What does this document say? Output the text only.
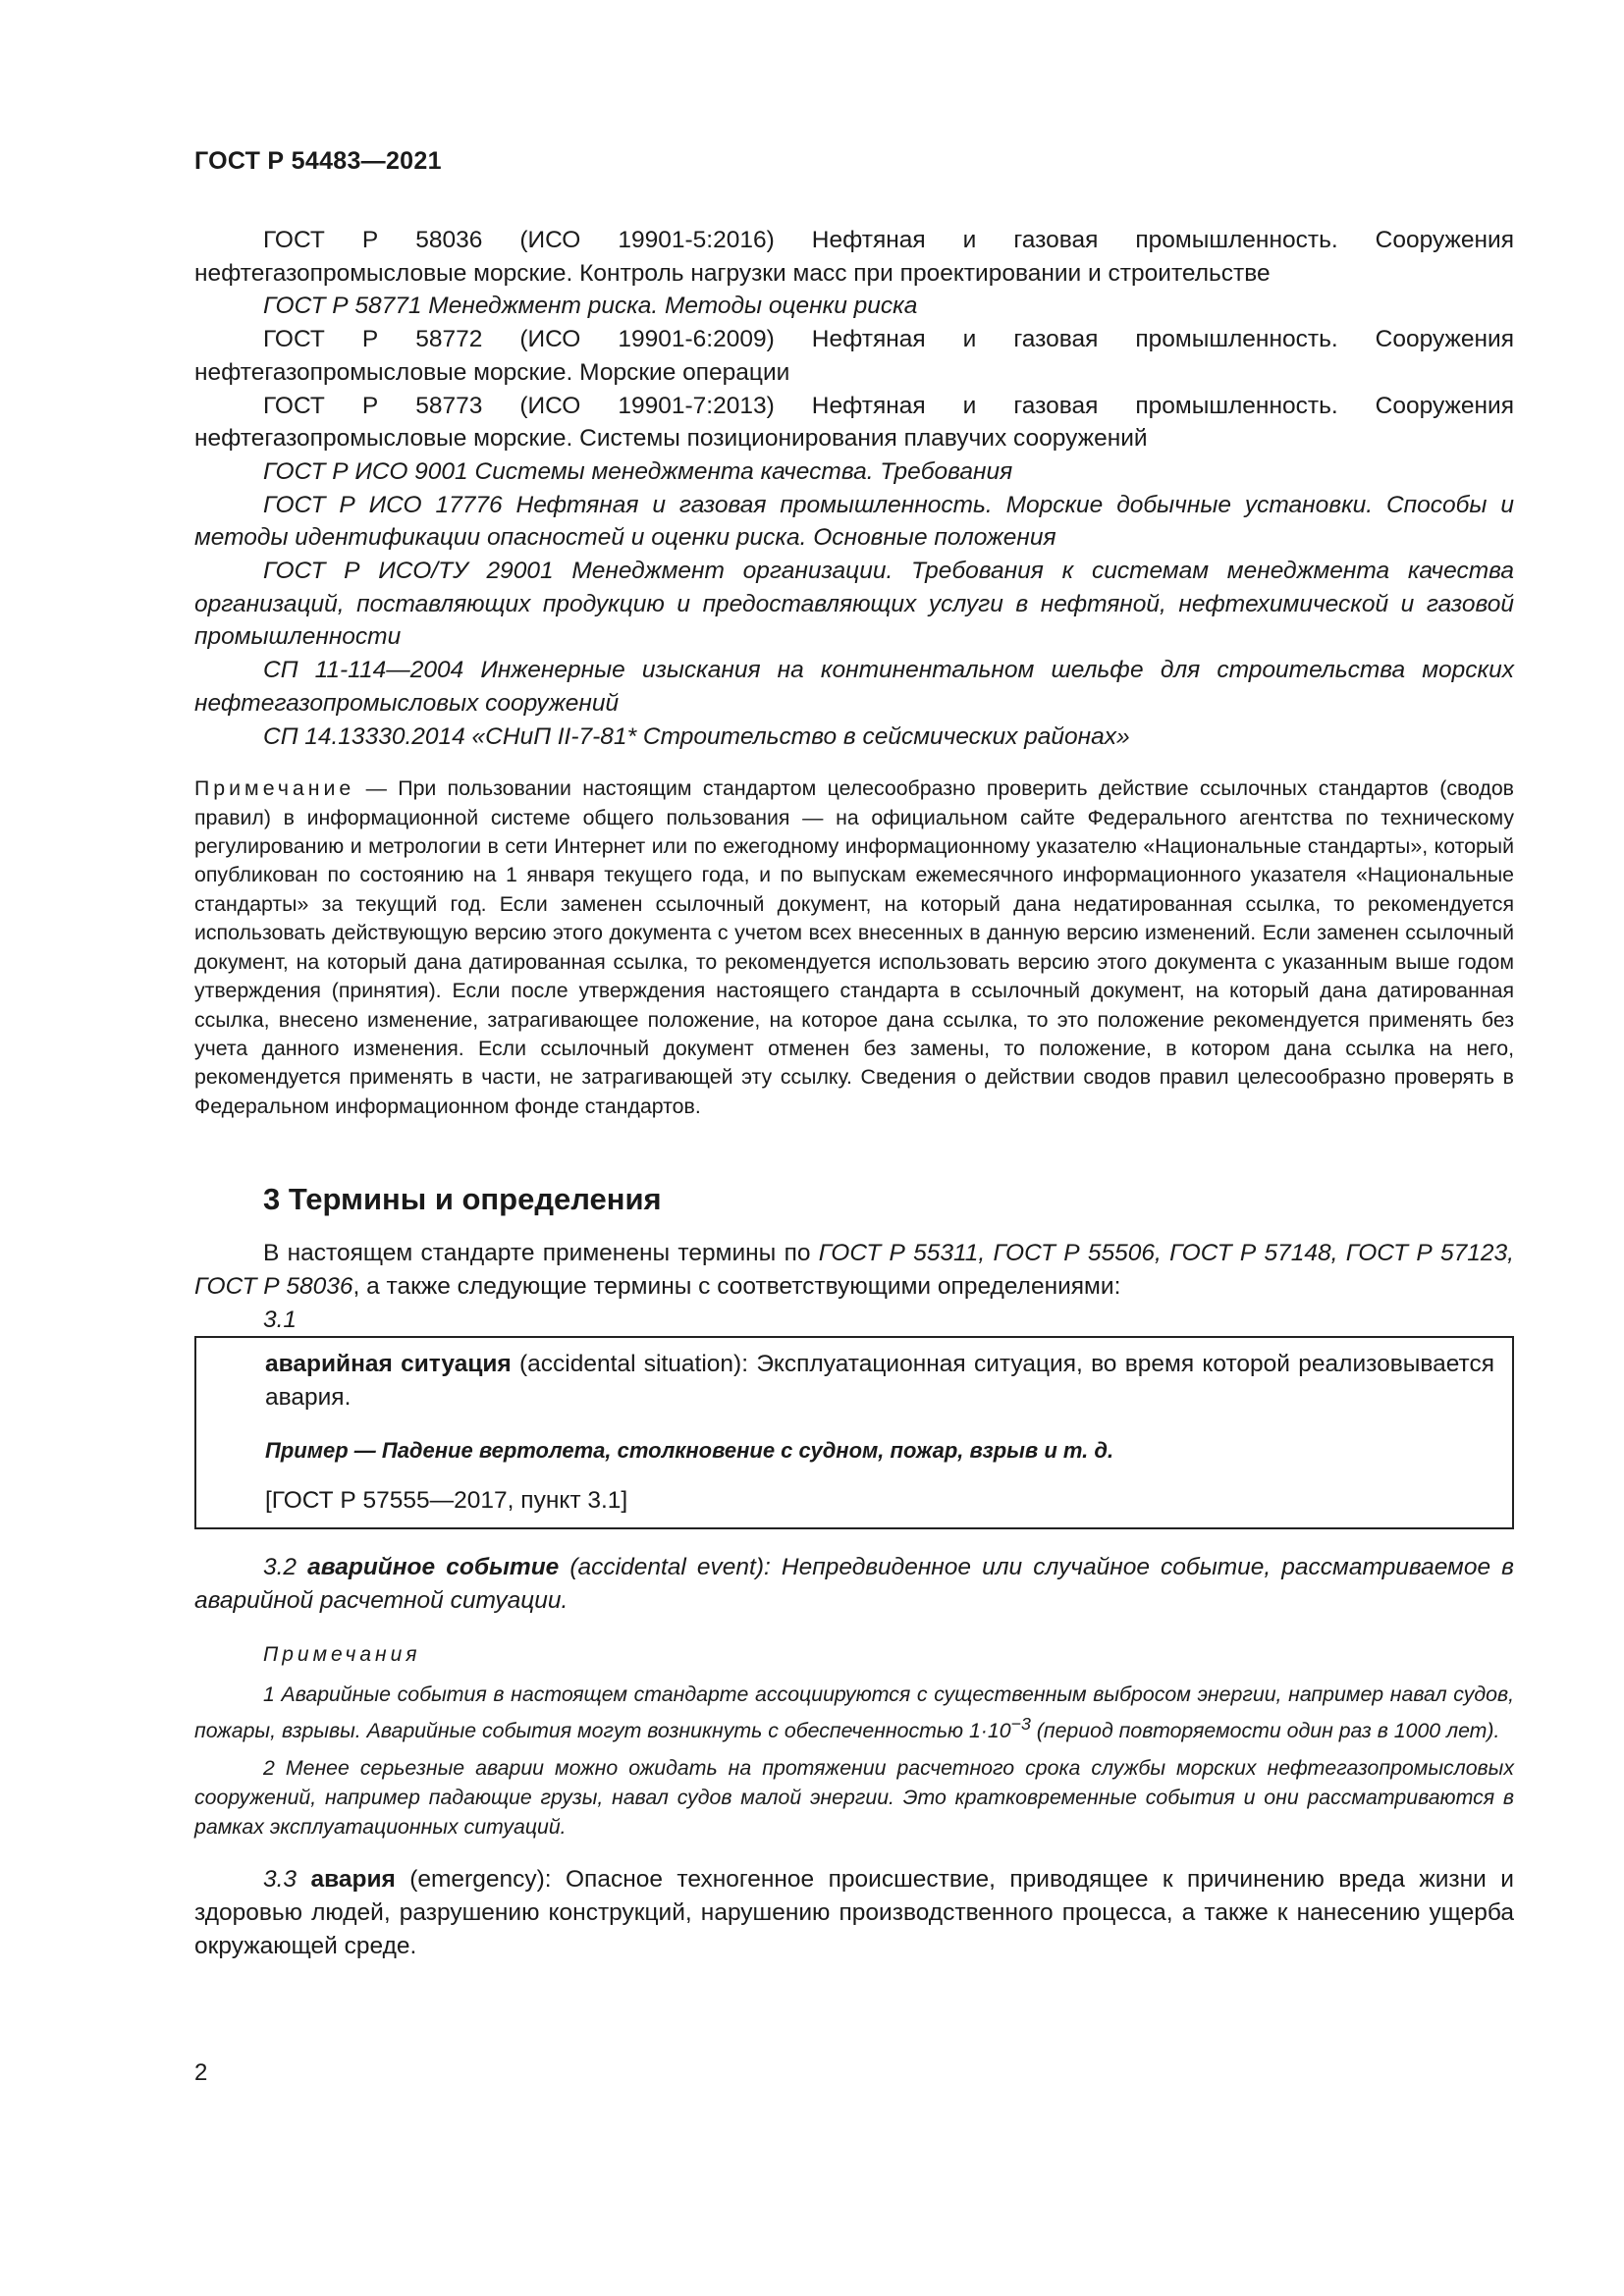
ГОСТ Р 54483—2021

ГОСТ Р 58036 (ИСО 19901-5:2016) Нефтяная и газовая промышленность. Сооружения нефтегазопромысловые морские. Контроль нагрузки масс при проектировании и строительстве

ГОСТ Р 58771 Менеджмент риска. Методы оценки риска

ГОСТ Р 58772 (ИСО 19901-6:2009) Нефтяная и газовая промышленность. Сооружения нефтегазопромысловые морские. Морские операции

ГОСТ Р 58773 (ИСО 19901-7:2013) Нефтяная и газовая промышленность. Сооружения нефтегазопромысловые морские. Системы позиционирования плавучих сооружений

ГОСТ Р ИСО 9001 Системы менеджмента качества. Требования

ГОСТ Р ИСО 17776 Нефтяная и газовая промышленность. Морские добычные установки. Способы и методы идентификации опасностей и оценки риска. Основные положения

ГОСТ Р ИСО/ТУ 29001 Менеджмент организации. Требования к системам менеджмента качества организаций, поставляющих продукцию и предоставляющих услуги в нефтяной, нефтехимической и газовой промышленности

СП 11-114—2004 Инженерные изыскания на континентальном шельфе для строительства морских нефтегазопромысловых сооружений

СП 14.13330.2014 «СНиП II-7-81* Строительство в сейсмических районах»

Примечание — При пользовании настоящим стандартом целесообразно проверить действие ссылочных стандартов (сводов правил) в информационной системе общего пользования — на официальном сайте Федерального агентства по техническому регулированию и метрологии в сети Интернет или по ежегодному информационному указателю «Национальные стандарты», который опубликован по состоянию на 1 января текущего года, и по выпускам ежемесячного информационного указателя «Национальные стандарты» за текущий год. Если заменен ссылочный документ, на который дана недатированная ссылка, то рекомендуется использовать действующую версию этого документа с учетом всех внесенных в данную версию изменений. Если заменен ссылочный документ, на который дана датированная ссылка, то рекомендуется использовать версию этого документа с указанным выше годом утверждения (принятия). Если после утверждения настоящего стандарта в ссылочный документ, на который дана датированная ссылка, внесено изменение, затрагивающее положение, на которое дана ссылка, то это положение рекомендуется применять без учета данного изменения. Если ссылочный документ отменен без замены, то положение, в котором дана ссылка на него, рекомендуется применять в части, не затрагивающей эту ссылку. Сведения о действии сводов правил целесообразно проверять в Федеральном информационном фонде стандартов.

3 Термины и определения

В настоящем стандарте применены термины по ГОСТ Р 55311, ГОСТ Р 55506, ГОСТ Р 57148, ГОСТ Р 57123, ГОСТ Р 58036, а также следующие термины с соответствующими определениями:

3.1

аварийная ситуация (accidental situation): Эксплуатационная ситуация, во время которой реализовывается авария.

Пример — Падение вертолета, столкновение с судном, пожар, взрыв и т. д.

[ГОСТ Р 57555—2017, пункт 3.1]

3.2 аварийное событие (accidental event): Непредвиденное или случайное событие, рассматриваемое в аварийной расчетной ситуации.

Примечания

1 Аварийные события в настоящем стандарте ассоциируются с существенным выбросом энергии, например навал судов, пожары, взрывы. Аварийные события могут возникнуть с обеспеченностью $1\cdot 10^{-3}$ (период повторяемости один раз в 1000 лет).

2 Менее серьезные аварии можно ожидать на протяжении расчетного срока службы морских нефтегазопромысловых сооружений, например падающие грузы, навал судов малой энергии. Это кратковременные события и они рассматриваются в рамках эксплуатационных ситуаций.

3.3 авария (emergency): Опасное техногенное происшествие, приводящее к причинению вреда жизни и здоровью людей, разрушению конструкций, нарушению производственного процесса, а также к нанесению ущерба окружающей среде.

2
